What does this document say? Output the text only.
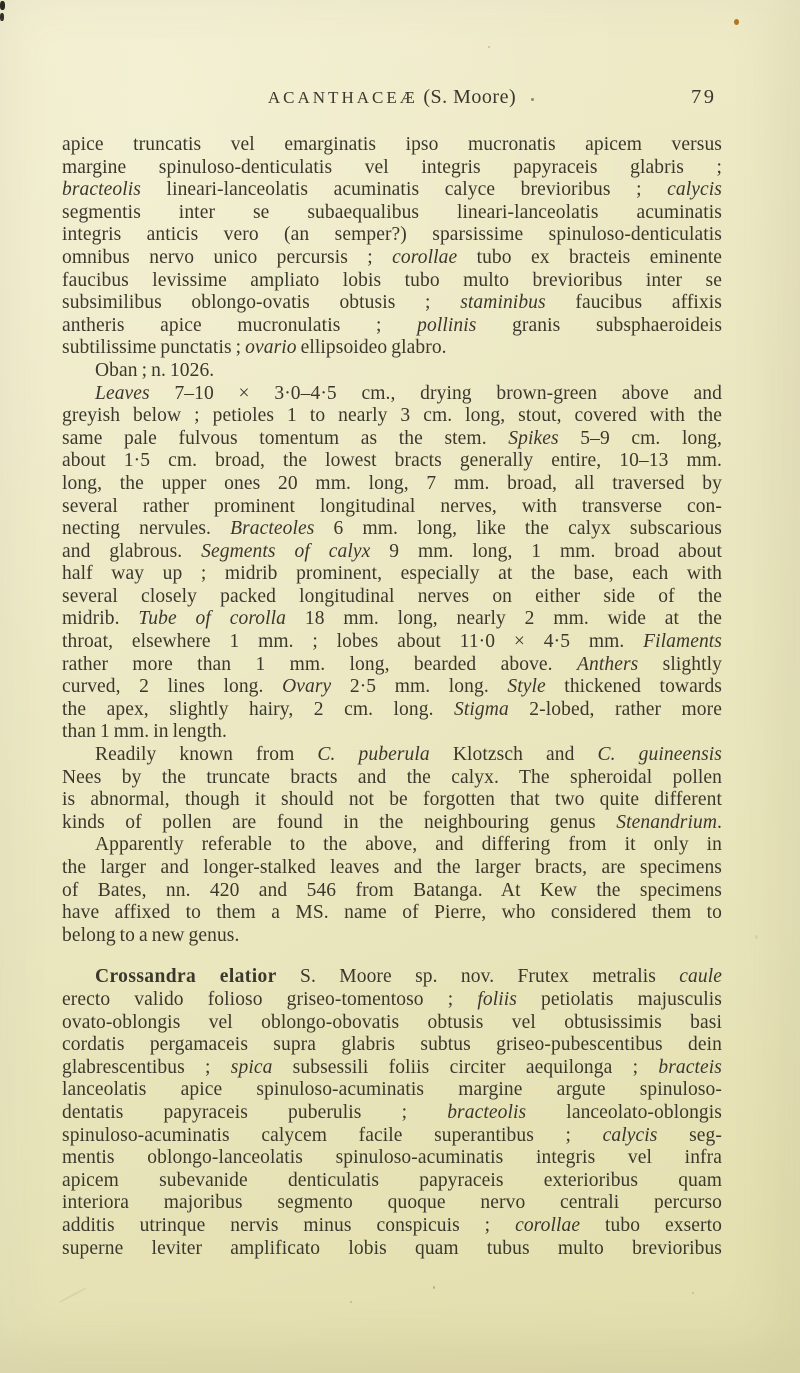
ACANTHACEÆ (S. Moore)	79
apice truncatis vel emarginatis ipso mucronatis apicem versus
margine spinuloso-denticulatis vel integris papyraceis glabris ;
bracteolis lineari-lanceolatis acuminatis calyce brevioribus ; calycis
segmentis inter se subaequalibus lineari-lanceolatis acuminatis
integris anticis vero (an semper?) sparsissime spinuloso-denticulatis
omnibus nervo unico percursis ; corollae tubo ex bracteis eminente
faucibus levissime ampliato lobis tubo multo brevioribus inter se
subsimilibus oblongo-ovatis obtusis ; staminibus faucibus affixis
antheris apice mucronulatis ; pollinis granis subsphaeroideis
subtilissime punctatis ; ovario ellipsoideo glabro.
Oban ; n. 1026.
Leaves 7–10 × 3·0–4·5 cm., drying brown-green above and
greyish below ; petioles 1 to nearly 3 cm. long, stout, covered with the
same pale fulvous tomentum as the stem. Spikes 5–9 cm. long,
about 1·5 cm. broad, the lowest bracts generally entire, 10–13 mm.
long, the upper ones 20 mm. long, 7 mm. broad, all traversed by
several rather prominent longitudinal nerves, with transverse con-
necting nervules. Bracteoles 6 mm. long, like the calyx subscarious
and glabrous. Segments of calyx 9 mm. long, 1 mm. broad about
half way up ; midrib prominent, especially at the base, each with
several closely packed longitudinal nerves on either side of the
midrib. Tube of corolla 18 mm. long, nearly 2 mm. wide at the
throat, elsewhere 1 mm. ; lobes about 11·0 × 4·5 mm. Filaments
rather more than 1 mm. long, bearded above. Anthers slightly
curved, 2 lines long. Ovary 2·5 mm. long. Style thickened towards
the apex, slightly hairy, 2 cm. long. Stigma 2-lobed, rather more
than 1 mm. in length.
Readily known from C. puberula Klotzsch and C. guineensis
Nees by the truncate bracts and the calyx. The spheroidal pollen
is abnormal, though it should not be forgotten that two quite different
kinds of pollen are found in the neighbouring genus Stenandrium.
Apparently referable to the above, and differing from it only in
the larger and longer-stalked leaves and the larger bracts, are specimens
of Bates, nn. 420 and 546 from Batanga. At Kew the specimens
have affixed to them a MS. name of Pierre, who considered them to
belong to a new genus.
Crossandra elatior S. Moore sp. nov. Frutex metralis caule
erecto valido folioso griseo-tomentoso ; foliis petiolatis majusculis
ovato-oblongis vel oblongo-obovatis obtusis vel obtusissimis basi
cordatis pergamaceis supra glabris subtus griseo-pubescentibus dein
glabrescentibus ; spica subsessili foliis circiter aequilonga ; bracteis
lanceolatis apice spinuloso-acuminatis margine argute spinuloso-
dentatis papyraceis puberulis ; bracteolis lanceolato-oblongis
spinuloso-acuminatis calycem facile superantibus ; calycis seg-
mentis oblongo-lanceolatis spinuloso-acuminatis integris vel infra
apicem subevanide denticulatis papyraceis exterioribus quam
interiora majoribus segmento quoque nervo centrali percurso
additis utrinque nervis minus conspicuis ; corollae tubo exserto
superne leviter amplificato lobis quam tubus multo brevioribus
